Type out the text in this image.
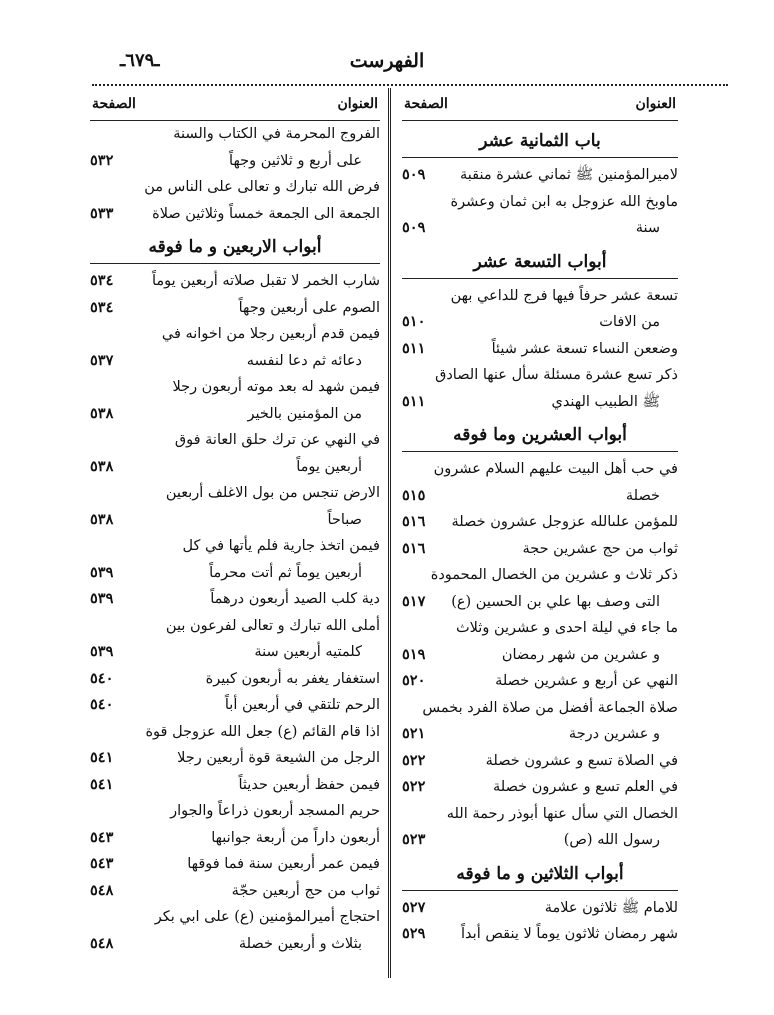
الفهرست
ـ٦٧٩ـ
العنوان
الصفحة
باب الثمانية عشر
لاميرالمؤمنين ﷺ ثماني عشرة منقبة
٥٠٩
ماوبخ الله عزوجل به ابن ثمان وعشرة
سنة
٥٠٩
أبواب التسعة عشر
تسعة عشر حرفاً فيها فرج للداعي بهن
من الافات
٥١٠
وضععن النساء تسعة عشر شيئاً
٥١١
ذكر تسع عشرة مسئلة سأل عنها الصادق
ﷺ الطبيب الهندي
٥١١
أبواب العشرين وما فوقه
في حب أهل البيت عليهم السلام عشرون
خصلة
٥١٥
للمؤمن علىالله عزوجل عشرون خصلة
٥١٦
ثواب من حج عشرين حجة
٥١٦
ذكر ثلاث و عشرين من الخصال المحمودة
التى وصف بها علي بن الحسين (ع)
٥١٧
ما جاء في ليلة احدى و عشرين وثلاث
و عشرين من شهر رمضان
٥١٩
النهي عن أربع و عشرين خصلة
٥٢٠
صلاة الجماعة أفضل من صلاة الفرد بخمس
و عشرين درجة
٥٢١
في الصلاة تسع و عشرون خصلة
٥٢٢
في العلم تسع و عشرون خصلة
٥٢٢
الخصال التي سأل عنها أبوذر رحمة الله
رسول الله (ص)
٥٢٣
أبواب الثلاثين و ما فوقه
للامام ﷺ ثلاثون علامة
٥٢٧
شهر رمضان ثلاثون يوماً لا ينقص أبداً
٥٢٩
العنوان
الصفحة
الفروج المحرمة في الكتاب والسنة
على أربع و ثلاثين وجهاً
٥٣٢
فرض الله تبارك و تعالى على الناس من
الجمعة الى الجمعة خمساً وثلاثين صلاة
٥٣٣
أبواب الاربعين و ما فوقه
شارب الخمر لا تقبل صلاته أربعين يوماً
٥٣٤
الصوم على أربعين وجهاً
٥٣٤
فيمن قدم أربعين رجلا من اخوانه في
دعائه ثم دعا لنفسه
٥٣٧
فيمن شهد له بعد موته أربعون رجلا
من المؤمنين بالخير
٥٣٨
في النهي عن ترك حلق العانة فوق
أربعين يوماً
٥٣٨
الارض تنجس من بول الاغلف أربعين
صباحاً
٥٣٨
فيمن اتخذ جارية فلم يأتها في كل
أربعين يوماً ثم أتت محرماً
٥٣٩
دية كلب الصيد أربعون درهماً
٥٣٩
أملى الله تبارك و تعالى لفرعون بين
كلمتيه أربعين سنة
٥٣٩
استغفار يغفر به أربعون كبيرة
٥٤٠
الرحم تلتقي في أربعين أباً
٥٤٠
اذا قام القائم (ع) جعل الله عزوجل قوة
الرجل من الشيعة قوة أربعين رجلا
٥٤١
فيمن حفظ أربعين حديثاً
٥٤١
حريم المسجد أربعون ذراعاً والجوار
أربعون داراً من أربعة جوانبها
٥٤٣
فيمن عمر أربعين سنة فما فوقها
٥٤٣
ثواب من حج أربعين حجّة
٥٤٨
احتجاج أميرالمؤمنين (ع) على ابي بكر
بثلاث و أربعين خصلة
٥٤٨
